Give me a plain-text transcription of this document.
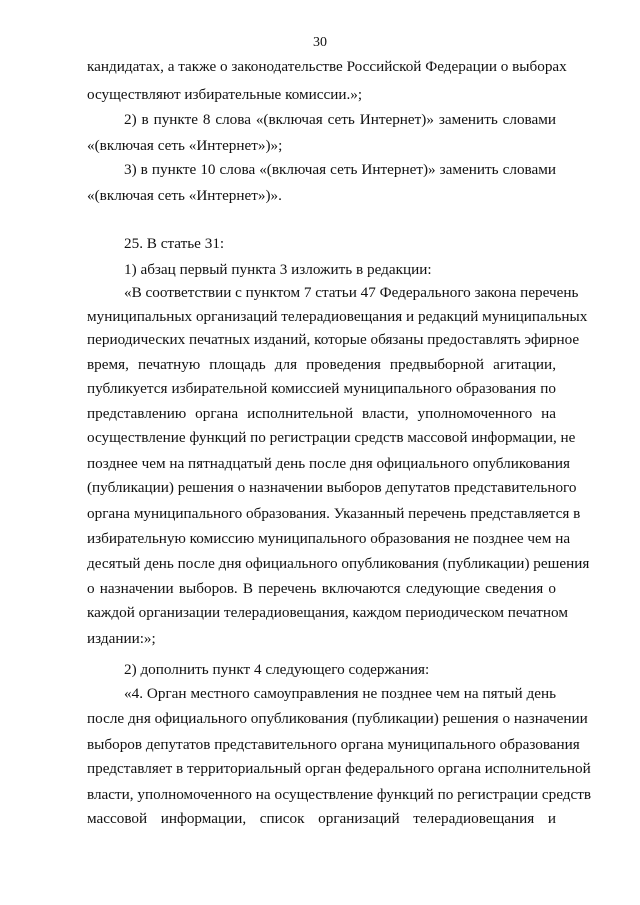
30
кандидатах, а также о законодательстве Российской Федерации о выборах
осуществляют избирательные комиссии.»;
2) в пункте 8 слова «(включая сеть Интернет)» заменить словами
«(включая сеть «Интернет»)»;
3) в пункте 10 слова «(включая сеть Интернет)» заменить словами
«(включая сеть «Интернет»)».
25. В статье 31:
1) абзац первый пункта 3 изложить в редакции:
«В соответствии с пунктом 7 статьи 47 Федерального закона перечень
муниципальных организаций телерадиовещания и редакций муниципальных
периодических печатных изданий, которые обязаны предоставлять эфирное
время, печатную площадь для проведения предвыборной агитации,
публикуется избирательной комиссией муниципального образования по
представлению органа исполнительной власти, уполномоченного на
осуществление функций по регистрации средств массовой информации, не
позднее чем на пятнадцатый день после дня официального опубликования
(публикации) решения о назначении выборов депутатов представительного
органа муниципального образования. Указанный перечень представляется в
избирательную комиссию муниципального образования не позднее чем на
десятый день после дня официального опубликования (публикации) решения
о назначении выборов. В перечень включаются следующие сведения о
каждой организации телерадиовещания, каждом периодическом печатном
издании:»;
2) дополнить пункт 4 следующего содержания:
«4. Орган местного самоуправления не позднее чем на пятый день
после дня официального опубликования (публикации) решения о назначении
выборов депутатов представительного органа муниципального образования
представляет в территориальный орган федерального органа исполнительной
власти, уполномоченного на осуществление функций по регистрации средств
массовой информации, список организаций телерадиовещания и
